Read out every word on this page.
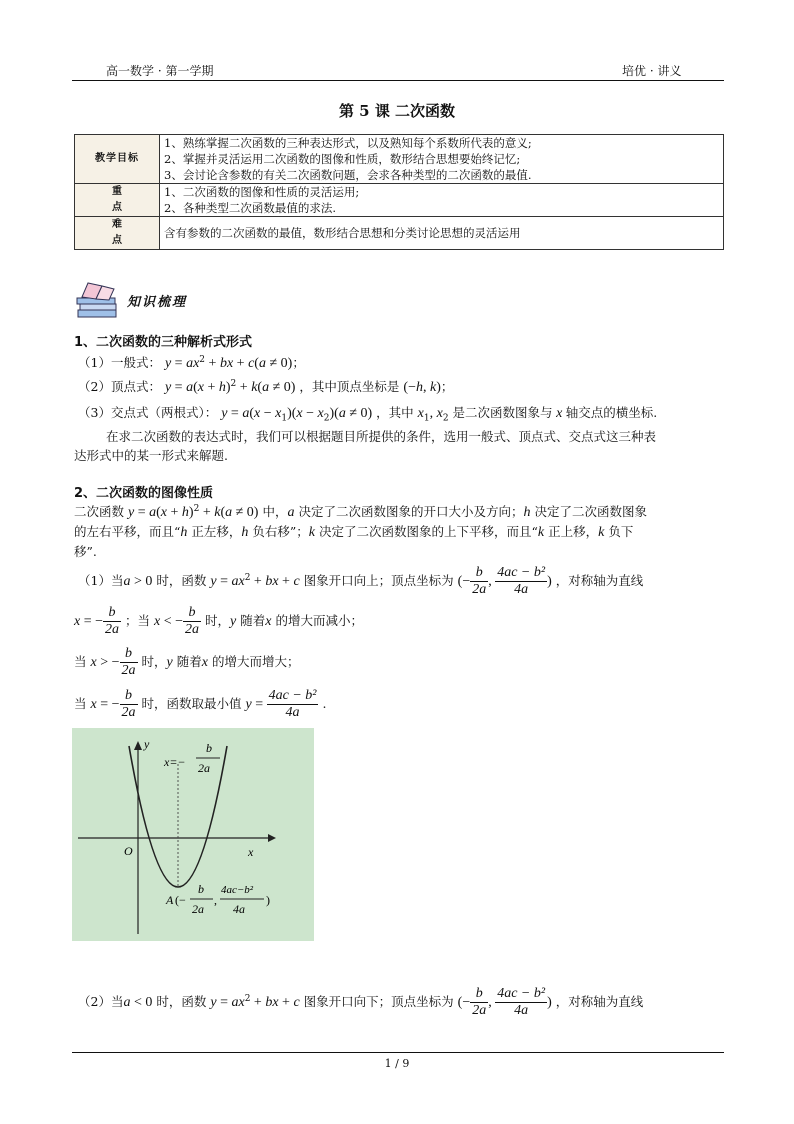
高一数学 · 第一学期	培优 · 讲义
第 5 课 二次函数
教学目标	1、熟练掌握二次函数的三种表达形式，以及熟知每个系数所代表的意义;
2、掌握并灵活运用二次函数的图像和性质，数形结合思想要始终记忆;
3、会讨论含参数的有关二次函数问题，会求各种类型的二次函数的最值.

重 点	1、二次函数的图像和性质的灵活运用;
2、各种类型二次函数最值的求法.

难 点	含有参数的二次函数的最值，数形结合思想和分类讨论思想的灵活运用
知识梳理
1、二次函数的三种解析式形式
（1）一般式： $y = ax^2$ + bx + c(a ≠ 0)；
（2）顶点式： $y = a(x + h)^2 + k(a \ne 0)$ ，其中顶点坐标是 (−h, k)；
（3）交点式（两根式）： $y = a(x - x_1)(x - x_2)(a \ne 0)$ ，其中 $x_1$, $x_2$ 是二次函数图象与 x 轴交点的横坐标.
在求二次函数的表达式时，我们可以根据题目所提供的条件，选用一般式、顶点式、交点式这三种表
达形式中的某一形式来解题.
2、二次函数的图像性质
二次函数 $y = a(x + h)^2 + k(a \ne 0)$ 中，a 决定了二次函数图象的开口大小及方向；h 决定了二次函数图象
的左右平移，而且“h 正左移，h 负右移”；k 决定了二次函数图象的上下平移，而且“k 正上移，k 负下
移”.
（1）当a > 0 时，函数 $y = ax^2$ + bx + c 图象开口向上；顶点坐标为 (− $\frac{b}{2a}$ , $\frac{\text{4ac − b²}}{4a}$ ) ，对称轴为直线
x = − $\frac{b}{2a}$ ；当 x < − $\frac{b}{2a}$ 时，y 随着x 的增大而减小；
当 x > − $\frac{b}{2a}$ 时，y 随着x 的增大而增大；
当 x = − $\frac{b}{2a}$ 时，函数取最小值 $y = \frac{\text{4ac − b²}}{4a}$ .
y
x
O
x=−
b
2a
A (−
b
2a
,
4ac−b²
4a
)
（2）当a < 0 时，函数 $y = ax^2$ + bx + c 图象开口向下；顶点坐标为 (− $\frac{b}{2a}$ , $\frac{\text{4ac − b²}}{4a}$ ) ，对称轴为直线
1 / 9
